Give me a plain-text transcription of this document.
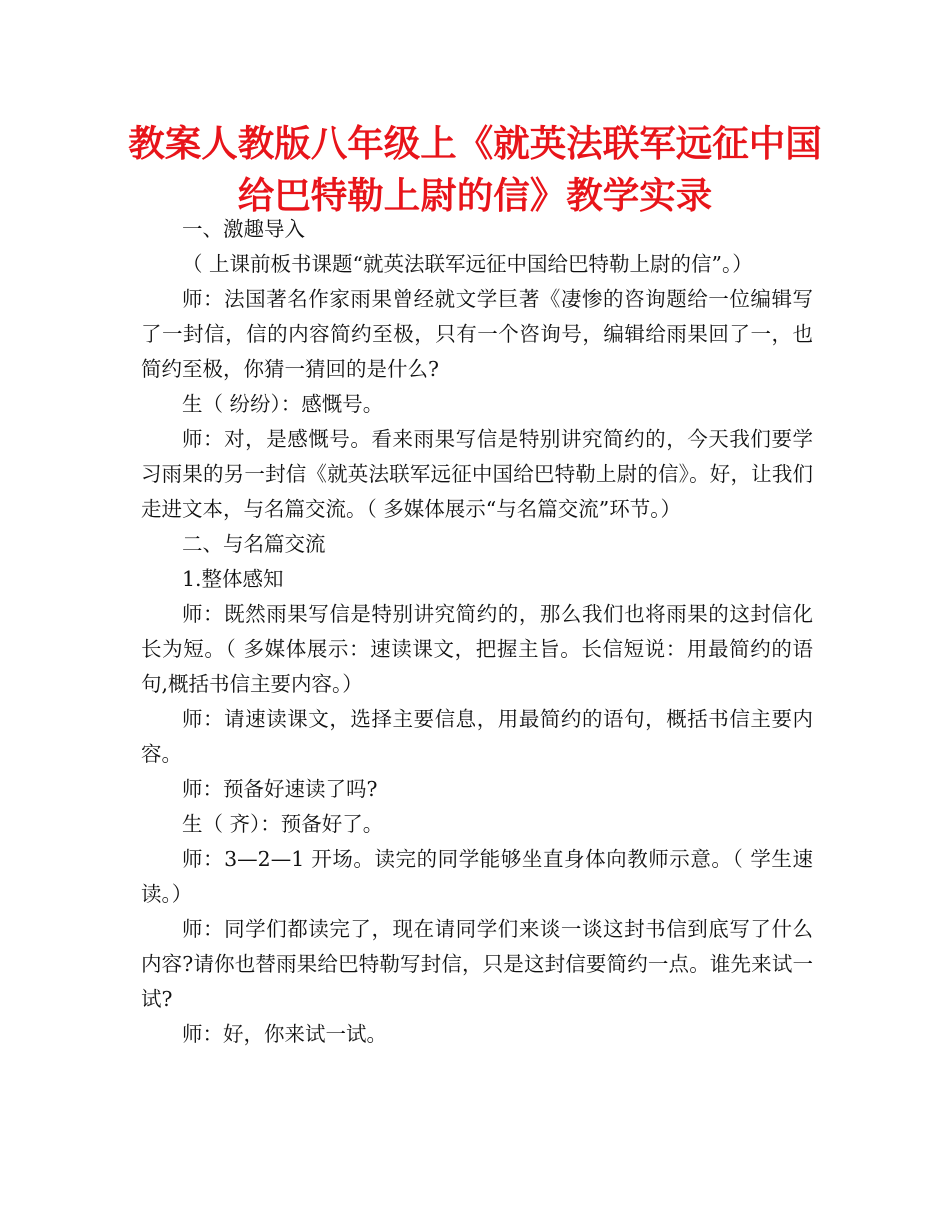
教案人教版八年级上《就英法联军远征中国给巴特勒上尉的信》教学实录

一、激趣导入

（ 上课前板书课题“就英法联军远征中国给巴特勒上尉的信”。）

师：法国著名作家雨果曾经就文学巨著《凄惨的咨询题给一位编辑写了一封信，信的内容简约至极，只有一个咨询号，编辑给雨果回了一，也简约至极，你猜一猜回的是什么?

生（ 纷纷）：感慨号。

师：对，是感慨号。看来雨果写信是特别讲究简约的，今天我们要学习雨果的另一封信《就英法联军远征中国给巴特勒上尉的信》。好，让我们走进文本，与名篇交流。（ 多媒体展示“与名篇交流”环节。）

二、与名篇交流

1.整体感知

师：既然雨果写信是特别讲究简约的，那么我们也将雨果的这封信化长为短。（ 多媒体展示：速读课文，把握主旨。长信短说：用最简约的语句,概括书信主要内容。）

师：请速读课文，选择主要信息，用最简约的语句，概括书信主要内容。

师：预备好速读了吗?

生（ 齐）：预备好了。

师：3—2—1 开场。读完的同学能够坐直身体向教师示意。（ 学生速读。）

师：同学们都读完了，现在请同学们来谈一谈这封书信到底写了什么内容?请你也替雨果给巴特勒写封信，只是这封信要简约一点。谁先来试一试?

师：好，你来试一试。
